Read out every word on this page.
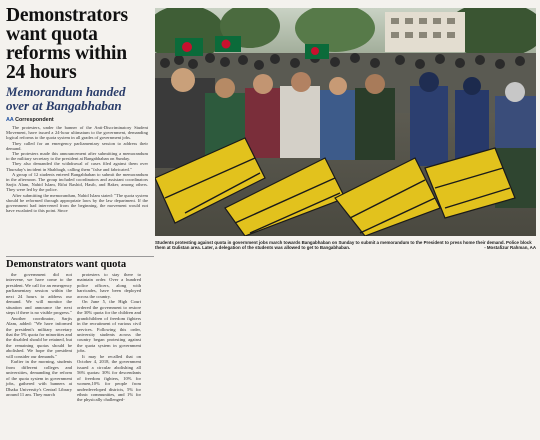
Demonstrators want quota reforms within 24 hours
Memorandum handed over at Bangabhaban
AA Correspondent

The protesters, under the banner of the Anti-Discriminatory Student Movement, have issued a 24-hour ultimatum to the government, demanding logical reforms to the quota system in all grades of government jobs.

They called for an emergency parliamentary session to address their demand.

The protesters made this announcement after submitting a memorandum to the military secretary to the president at Bangabhaban on Sunday.

They also demanded the withdrawal of cases filed against them over Thursday's incident in Shahbagh, calling them "false and fabricated."

A group of 12 students entered Bangabhaban to submit the memorandum in the afternoon. The group included coordinators and assistant coordinators Sarjis Alam, Nahid Islam, Rifat Rashid, Hasib, and Baker, among others. They were led by the police.

After submitting the memorandum, Nahid Islam stated: "The quota system should be reformed through appropriate laws by the law department. If the government had intervened from the beginning, the movement would not have escalated to this point. Since

Students protesting against quota in government jobs march towards Bangabhaban on Sunday to submit a memorandum to the President to press home their demand. Police block them at Gulistan area. Later, a delegation of the students was allowed to get to Bangabhaban.	- Mostafizur Rahman, AA
Demonstrators want quota

the government did not intervene, we have come to the president. We call for an emergency parliamentary session within the next 24 hours to address our demand. We will monitor the situation and announce the next steps if there is no visible progress."

Another coordinator, Sarjis Alam, added: "We have informed the president's military secretary that the 5% quota for minorities and the disabled should be retained, but the remaining quotas should be abolished. We hope the president will consider our demands."

Earlier in the morning, students from different colleges and universities, demanding the reform of the quota system in government jobs, gathered with banners at Dhaka University's Central Library around 11 am. They march

protesters to stay there to maintain order. Over a hundred police officers, along with barricades, have been deployed across the country.

On June 5, the High Court ordered the government to restore the 30% quota for the children and grandchildren of freedom fighters in the recruitment of various civil services. Following this order, university students across the country began protesting against the quota system in government jobs.

It may be recalled that on October 4, 2018, the government issued a circular abolishing all 56% quotas: 30% for descendants of freedom fighters, 10% for women,10% for people from underdeveloped districts, 5% for ethnic communities, and 1% for the physically challenged-
